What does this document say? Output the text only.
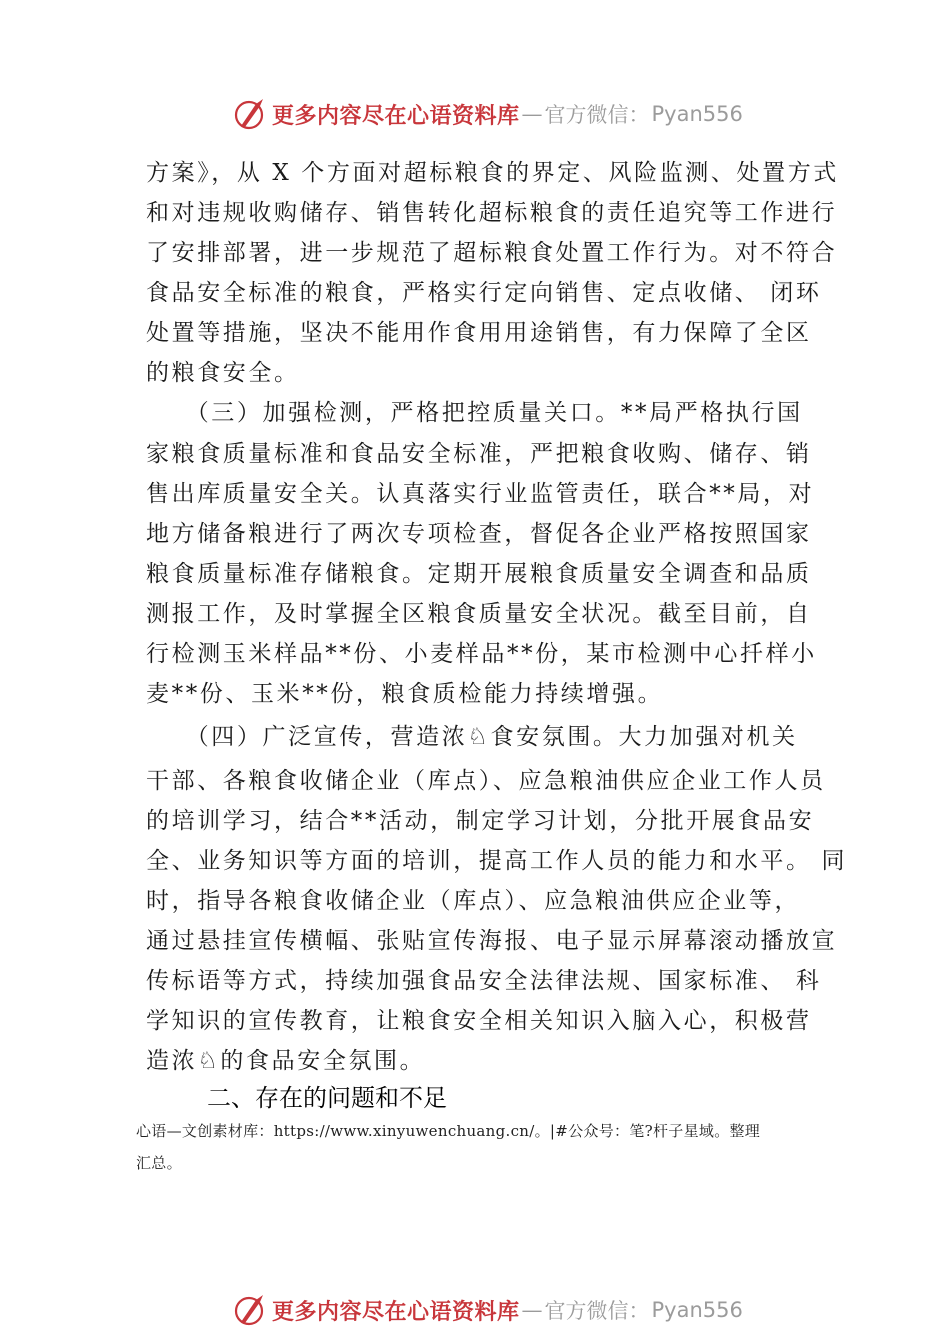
更多内容尽在心语资料库 — 官方微信： Pyan556
方案》，从 X 个方面对超标粮食的界定、风险监测、处置方式
和对违规收购储存、销售转化超标粮食的责任追究等工作进行
了安排部署，进一步规范了超标粮食处置工作行为。对不符合
食品安全标准的粮食，严格实行定向销售、定点收储、 闭环
处置等措施，坚决不能用作食用用途销售，有力保障了全区
的粮食安全。
　　（三）加强检测，严格把控质量关口。**局严格执行国
家粮食质量标准和食品安全标准，严把粮食收购、储存、销
售出库质量安全关。认真落实行业监管责任，联合**局，对
地方储备粮进行了两次专项检查，督促各企业严格按照国家
粮食质量标准存储粮食。定期开展粮食质量安全调查和品质
测报工作，及时掌握全区粮食质量安全状况。截至目前，自
行检测玉米样品**份、小麦样品**份，某市检测中心扦样小
麦**份、玉米**份，粮食质检能力持续增强。
　　（四）广泛宣传，营造浓♘食安氛围。大力加强对机关
干部、各粮食收储企业（库点）、应急粮油供应企业工作人员
的培训学习，结合**活动，制定学习计划，分批开展食品安
全、业务知识等方面的培训，提高工作人员的能力和水平。 同
时，指导各粮食收储企业（库点）、应急粮油供应企业等，
通过悬挂宣传横幅、张贴宣传海报、电子显示屏幕滚动播放宣
传标语等方式，持续加强食品安全法律法规、国家标准、 科
学知识的宣传教育，让粮食安全相关知识入脑入心，积极营
造浓♘的食品安全氛围。
二、存在的问题和不足
心语—文创素材库：https://www.xinyuwenchuang.cn/。|#公众号：笔?杆子星域。整理
汇总。
更多内容尽在心语资料库 — 官方微信： Pyan556
